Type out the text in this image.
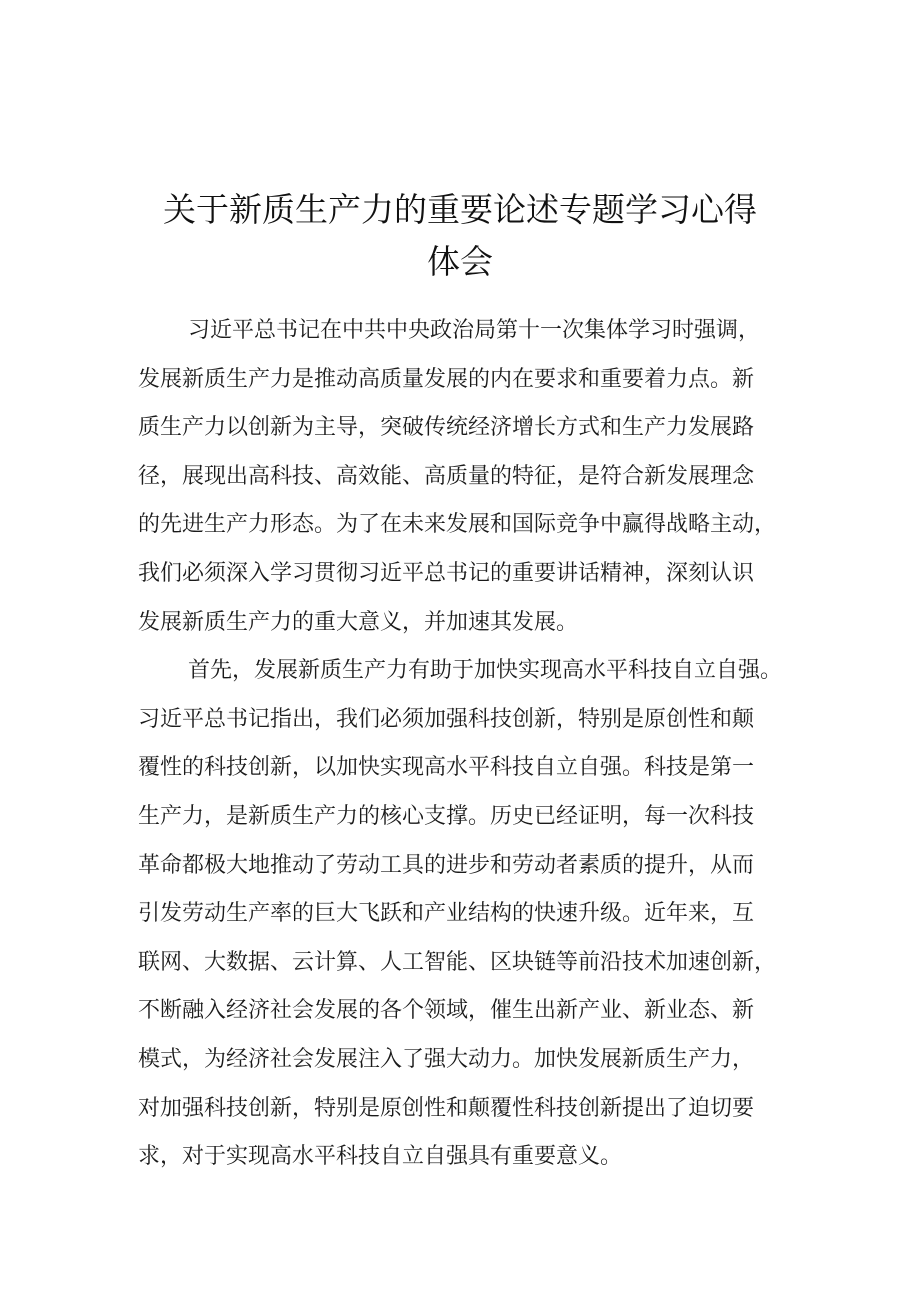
关于新质生产力的重要论述专题学习心得
体会
习近平总书记在中共中央政治局第十一次集体学习时强调，
发展新质生产力是推动高质量发展的内在要求和重要着力点。新
质生产力以创新为主导，突破传统经济增长方式和生产力发展路
径，展现出高科技、高效能、高质量的特征，是符合新发展理念
的先进生产力形态。为了在未来发展和国际竞争中赢得战略主动，
我们必须深入学习贯彻习近平总书记的重要讲话精神，深刻认识
发展新质生产力的重大意义，并加速其发展。
首先，发展新质生产力有助于加快实现高水平科技自立自强。
习近平总书记指出，我们必须加强科技创新，特别是原创性和颠
覆性的科技创新，以加快实现高水平科技自立自强。科技是第一
生产力，是新质生产力的核心支撑。历史已经证明，每一次科技
革命都极大地推动了劳动工具的进步和劳动者素质的提升，从而
引发劳动生产率的巨大飞跃和产业结构的快速升级。近年来，互
联网、大数据、云计算、人工智能、区块链等前沿技术加速创新，
不断融入经济社会发展的各个领域，催生出新产业、新业态、新
模式，为经济社会发展注入了强大动力。加快发展新质生产力，
对加强科技创新，特别是原创性和颠覆性科技创新提出了迫切要
求，对于实现高水平科技自立自强具有重要意义。
